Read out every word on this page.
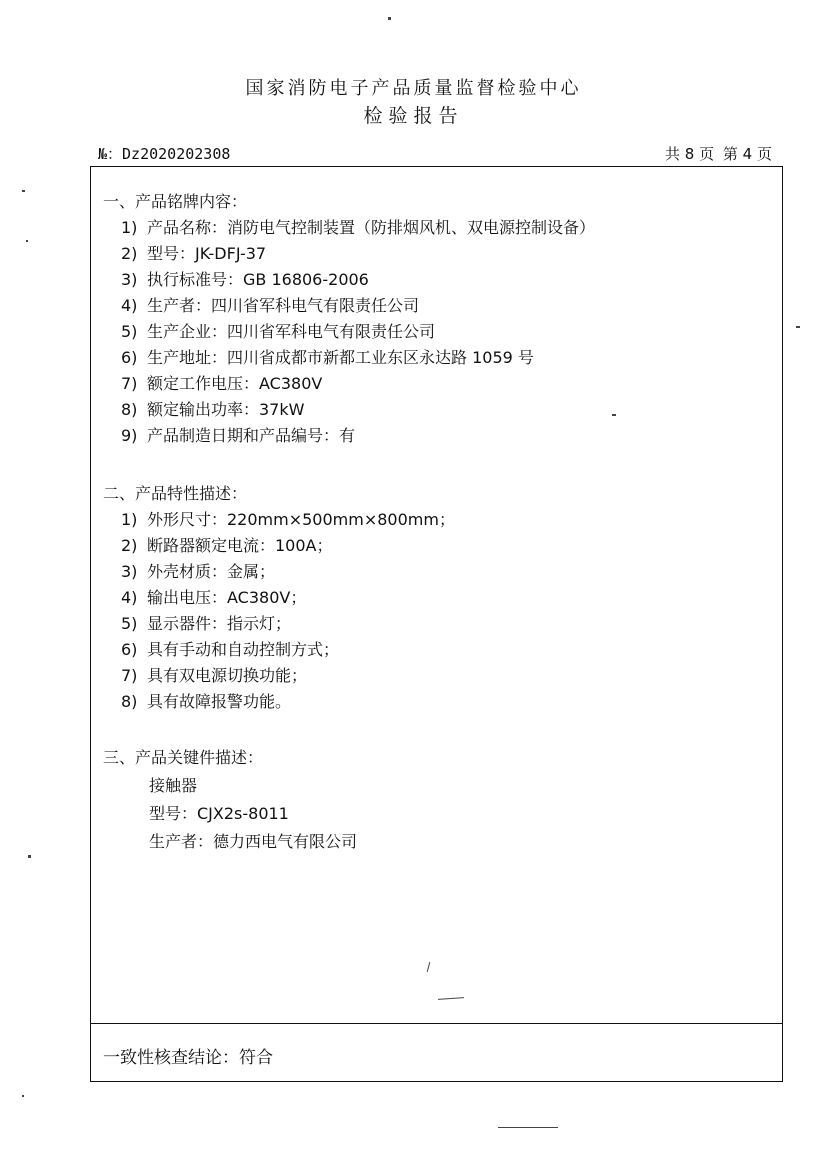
国家消防电子产品质量监督检验中心
检验报告
№：Dz2020202308	共 8 页 第 4 页
一、产品铭牌内容：
1) 产品名称：消防电气控制装置（防排烟风机、双电源控制设备）
2) 型号：JK-DFJ-37
3) 执行标准号：GB 16806-2006
4) 生产者：四川省军科电气有限责任公司
5) 生产企业：四川省军科电气有限责任公司
6) 生产地址：四川省成都市新都工业东区永达路 1059 号
7) 额定工作电压：AC380V
8) 额定输出功率：37kW
9) 产品制造日期和产品编号：有
二、产品特性描述：
1) 外形尺寸：220mm×500mm×800mm；
2) 断路器额定电流：100A；
3) 外壳材质：金属；
4) 输出电压：AC380V；
5) 显示器件：指示灯；
6) 具有手动和自动控制方式；
7) 具有双电源切换功能；
8) 具有故障报警功能。
三、产品关键件描述：
接触器
型号：CJX2s-8011
生产者：德力西电气有限公司
一致性核查结论：符合
